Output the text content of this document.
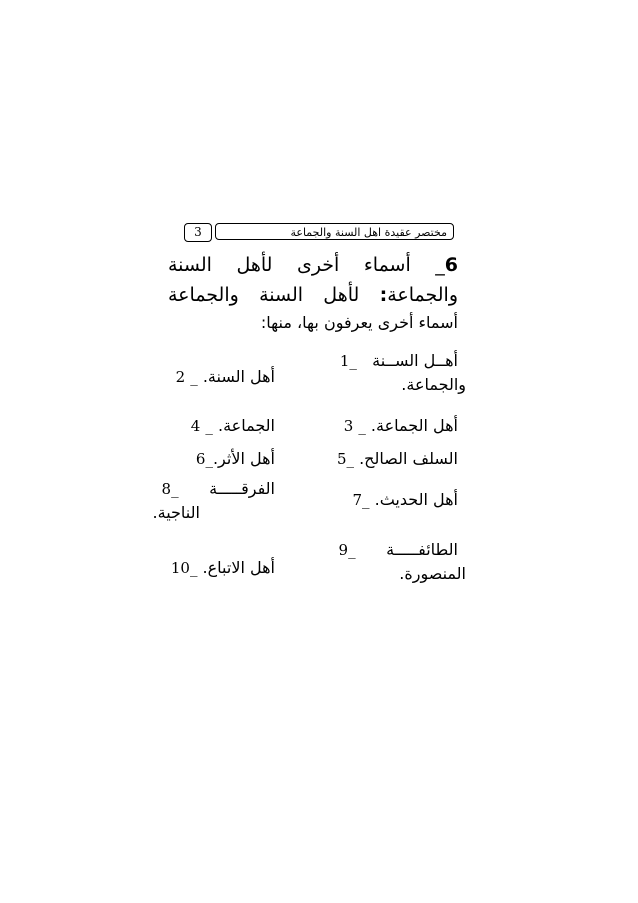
3	مختصر عقيدة اهل السنة والجماعة
6_ أسماء أخرى لأهل السنة
والجماعة: لأهل السنة والجماعة
أسماء أخرى يعرفون بها، منها:
أهــل الســنة   _1
والجماعة.
أهل السنة. _ 2
أهل الجماعة. _ 3
الجماعة. _ 4
السلف الصالح. _5
أهل الأثر._6
الفرقـــــة      _8
الناجية.
أهل الحديث. _7
الطائفـــــة      _9
المنصورة.
أهل الاتباع. _10
